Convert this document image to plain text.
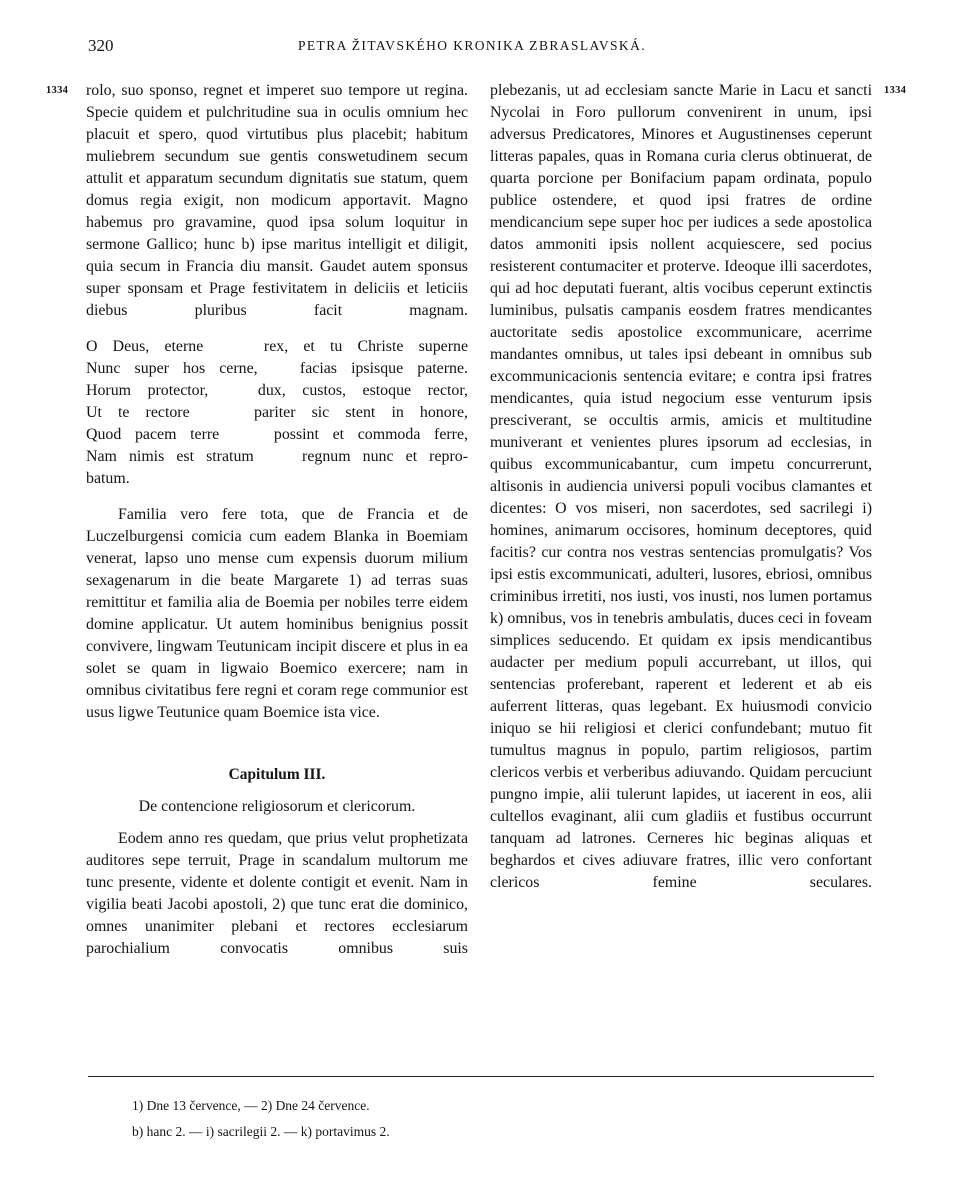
320	PETRA ŽITAVSKÉHO KRONIKA ZBRASLAVSKÁ.
1334	1334

rolo, suo sponso, regnet et imperet suo tempore ut regina. Specie quidem et pulchritudine sua in oculis omnium hec placuit et spero, quod virtutibus plus placebit; habitum muliebrem secundum sue gentis conswetudinem secum attulit et apparatum secundum dignitatis sue statum, quem domus regia exigit, non modicum apportavit. Magno habemus pro gravamine, quod ipsa solum loquitur in sermone Gallico; hunc b) ipse maritus intelligit et diligit, quia secum in Francia diu mansit. Gaudet autem sponsus super sponsam et Prage festivitatem in deliciis et leticiis diebus pluribus facit magnam.

O Deus, eterne    rex, et tu Christe superne

Nunc super hos cerne,   facias ipsisque paterne.

Horum protector,   dux, custos, estoque rector,

Ut te rectore    pariter sic stent in honore,

Quod pacem terre    possint et commoda ferre,

Nam nimis est stratum    regnum nunc et repro-

batum.

Familia vero fere tota, que de Francia et de Luczelburgensi comicia cum eadem Blanka in Boemiam venerat, lapso uno mense cum expensis duorum milium sexagenarum in die beate Margarete 1) ad terras suas remittitur et familia alia de Boemia per nobiles terre eidem domine applicatur. Ut autem hominibus benignius possit convivere, lingwam Teutunicam incipit discere et plus in ea solet se quam in ligwaio Boemico exercere; nam in omnibus civitatibus fere regni et coram rege communior est usus ligwe Teutunice quam Boemice ista vice.

Capitulum III.
De contencione religiosorum et clericorum.

Eodem anno res quedam, que prius velut prophetizata auditores sepe terruit, Prage in scandalum multorum me tunc presente, vidente et dolente contigit et evenit. Nam in vigilia beati Jacobi apostoli, 2) que tunc erat die dominico, omnes unanimiter plebani et rectores ecclesiarum parochialium convocatis omnibus suis

plebezanis, ut ad ecclesiam sancte Marie in Lacu et sancti Nycolai in Foro pullorum convenirent in unum, ipsi adversus Predicatores, Minores et Augustinenses ceperunt litteras papales, quas in Romana curia clerus obtinuerat, de quarta porcione per Bonifacium papam ordinata, populo publice ostendere, et quod ipsi fratres de ordine mendicancium sepe super hoc per iudices a sede apostolica datos ammoniti ipsis nollent acquiescere, sed pocius resisterent contumaciter et proterve. Ideoque illi sacerdotes, qui ad hoc deputati fuerant, altis vocibus ceperunt extinctis luminibus, pulsatis campanis eosdem fratres mendicantes auctoritate sedis apostolice excommunicare, acerrime mandantes omnibus, ut tales ipsi debeant in omnibus sub excommunicacionis sentencia evitare; e contra ipsi fratres mendicantes, quia istud negocium esse venturum ipsis presciverant, se occultis armis, amicis et multitudine muniverant et venientes plures ipsorum ad ecclesias, in quibus excommunicabantur, cum impetu concurrerunt, altisonis in audiencia universi populi vocibus clamantes et dicentes: O vos miseri, non sacerdotes, sed sacrilegi i) homines, animarum occisores, hominum deceptores, quid facitis? cur contra nos vestras sentencias promulgatis? Vos ipsi estis excommunicati, adulteri, lusores, ebriosi, omnibus criminibus irretiti, nos iusti, vos inusti, nos lumen portamus k) omnibus, vos in tenebris ambulatis, duces ceci in foveam simplices seducendo. Et quidam ex ipsis mendicantibus audacter per medium populi accurrebant, ut illos, qui sentencias proferebant, raperent et lederent et ab eis auferrent litteras, quas legebant. Ex huiusmodi convicio iniquo se hii religiosi et clerici confundebant; mutuo fit tumultus magnus in populo, partim religiosos, partim clericos verbis et verberibus adiuvando. Quidam percuciunt pungno impie, alii tulerunt lapides, ut iacerent in eos, alii cultellos evaginant, alii cum gladiis et fustibus occurrunt tanquam ad latrones. Cerneres hic beginas aliquas et beghardos et cives adiuvare fratres, illic vero confortant clericos femine seculares.

1) Dne 13 července, — 2) Dne 24 července.
b) hanc 2. — i) sacrilegii 2. — k) portavimus 2.
